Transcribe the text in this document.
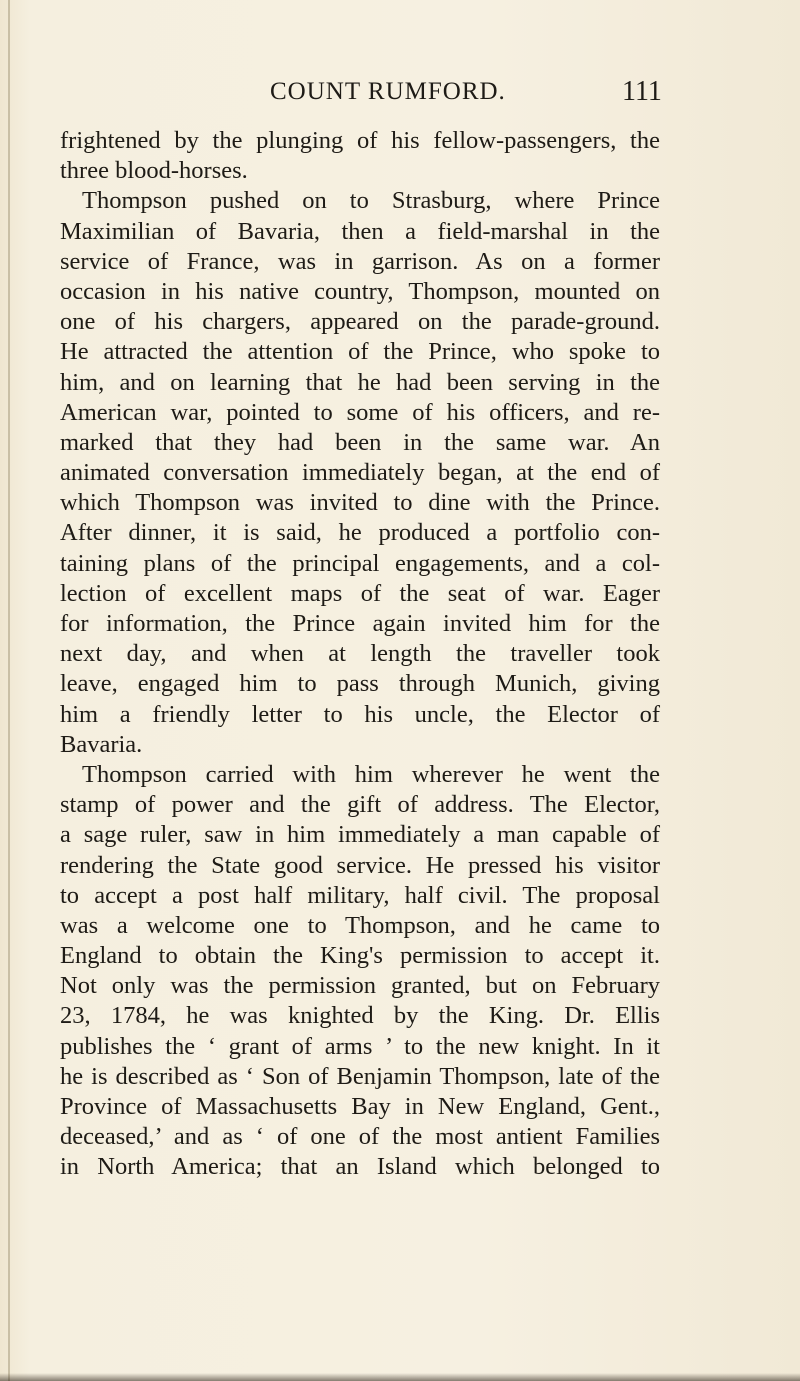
COUNT RUMFORD.	111
frightened by the plunging of his fellow-passengers, the
three blood-horses.
Thompson pushed on to Strasburg, where Prince
Maximilian of Bavaria, then a field-marshal in the
service of France, was in garrison. As on a former
occasion in his native country, Thompson, mounted on
one of his chargers, appeared on the parade-ground.
He attracted the attention of the Prince, who spoke to
him, and on learning that he had been serving in the
American war, pointed to some of his officers, and re-
marked that they had been in the same war. An
animated conversation immediately began, at the end of
which Thompson was invited to dine with the Prince.
After dinner, it is said, he produced a portfolio con-
taining plans of the principal engagements, and a col-
lection of excellent maps of the seat of war. Eager
for information, the Prince again invited him for the
next day, and when at length the traveller took
leave, engaged him to pass through Munich, giving
him a friendly letter to his uncle, the Elector of
Bavaria.
Thompson carried with him wherever he went the
stamp of power and the gift of address. The Elector,
a sage ruler, saw in him immediately a man capable of
rendering the State good service. He pressed his visitor
to accept a post half military, half civil. The proposal
was a welcome one to Thompson, and he came to
England to obtain the King's permission to accept it.
Not only was the permission granted, but on February
23, 1784, he was knighted by the King. Dr. Ellis
publishes the ‘ grant of arms ’ to the new knight. In it
he is described as ‘ Son of Benjamin Thompson, late of the
Province of Massachusetts Bay in New England, Gent.,
deceased,’ and as ‘ of one of the most antient Families
in North America; that an Island which belonged to
